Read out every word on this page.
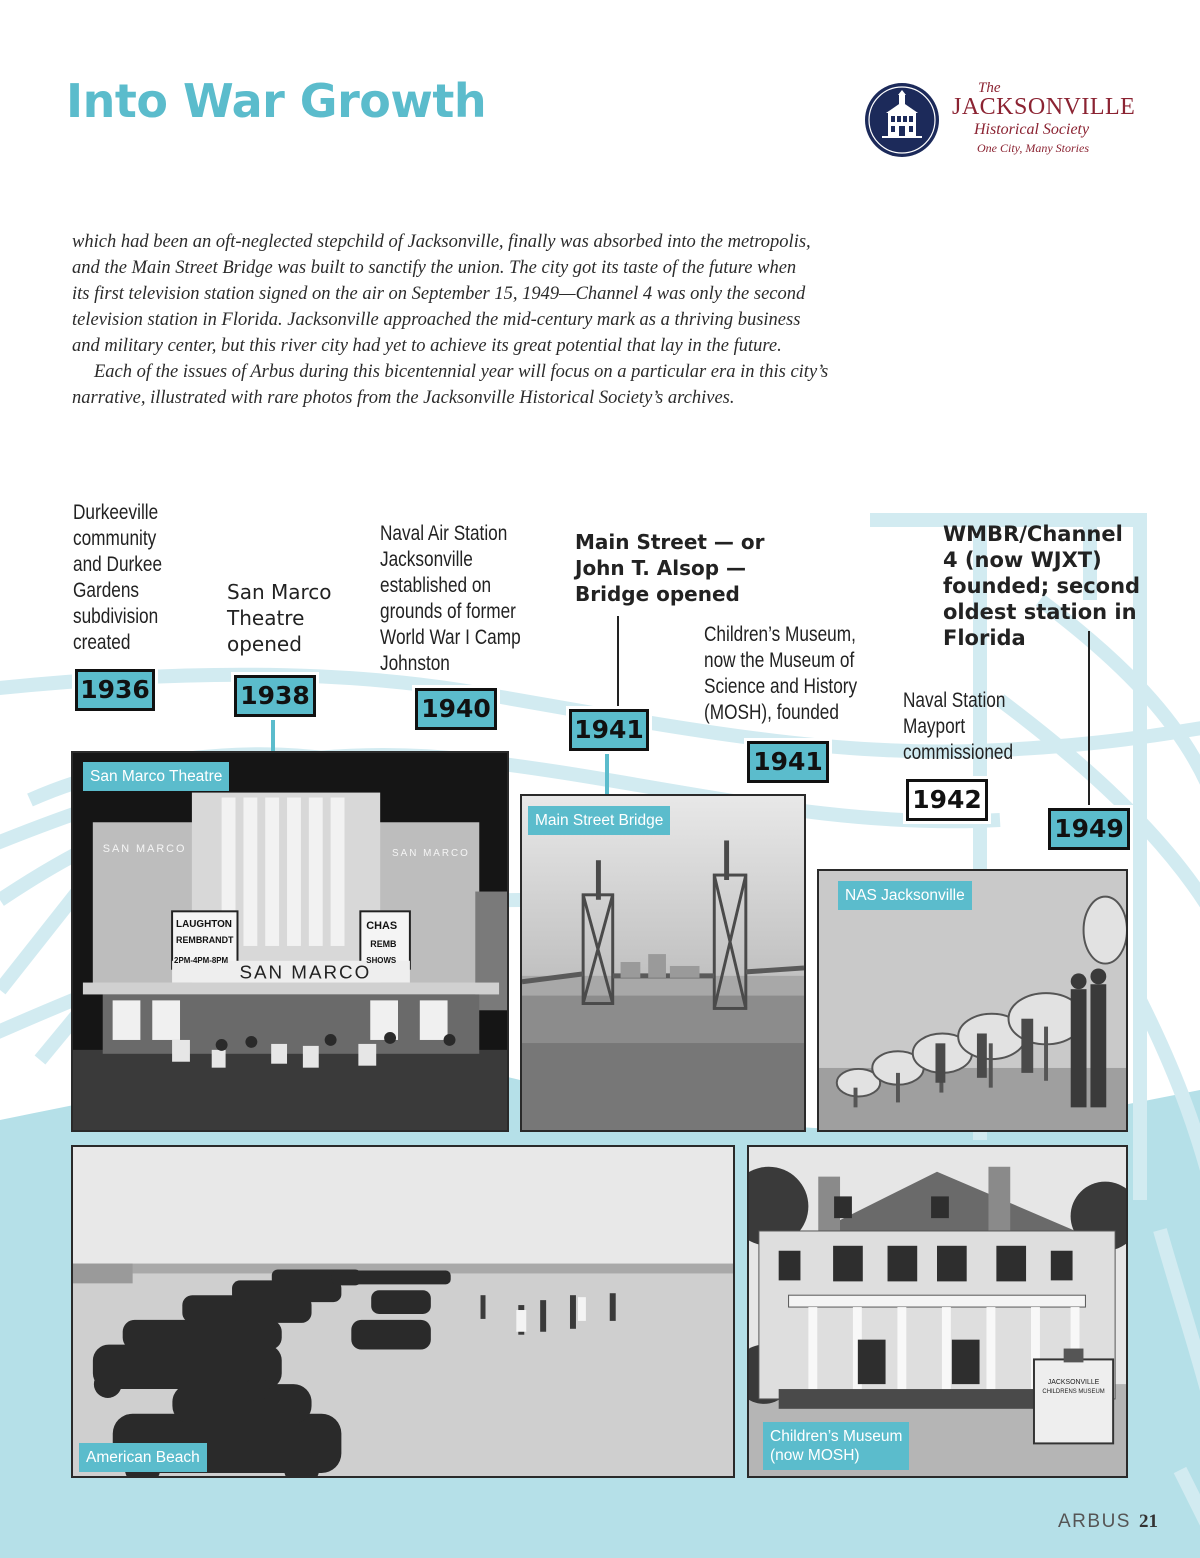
Into War Growth	The
JACKSONVILLE
Historical Society
One City, Many Stories

which had been an oft-neglected stepchild of Jacksonville, finally was absorbed into the metropolis,

and the Main Street Bridge was built to sanctify the union. The city got its taste of the future when

its first television station signed on the air on September 15, 1949—Channel 4 was only the second

television station in Florida. Jacksonville approached the mid-century mark as a thriving business

and military center, but this river city had yet to achieve its great potential that lay in the future.

Each of the issues of Arbus during this bicentennial year will focus on a particular era in this city’s

narrative, illustrated with rare photos from the Jacksonville Historical Society’s archives.

Durkeeville
community
and Durkee
Gardens
subdivision
created
San Marco
Theatre
opened
Naval Air Station
Jacksonville
established on
grounds of former
World War I Camp
Johnston
Main Street — or
John T. Alsop —
Bridge opened
Children’s Museum,
now the Museum of
Science and History
(MOSH), founded
Naval Station
Mayport
commissioned
WMBR/Channel
4 (now WJXT)
founded; second
oldest station in
Florida
1936	1938	1940
1941
1941
1942
1949
SAN MARCO	SAN MARCO
LAUGHTON
REMBRANDT
2PM-4PM-8PM
CHAS
REMB
SHOWS
SAN MARCO
San Marco Theatre
Main Street Bridge
NAS Jacksonville
American Beach
JACKSONVILLE
CHILDRENS MUSEUM
Children’s Museum
(now MOSH)
ARBUS 21
